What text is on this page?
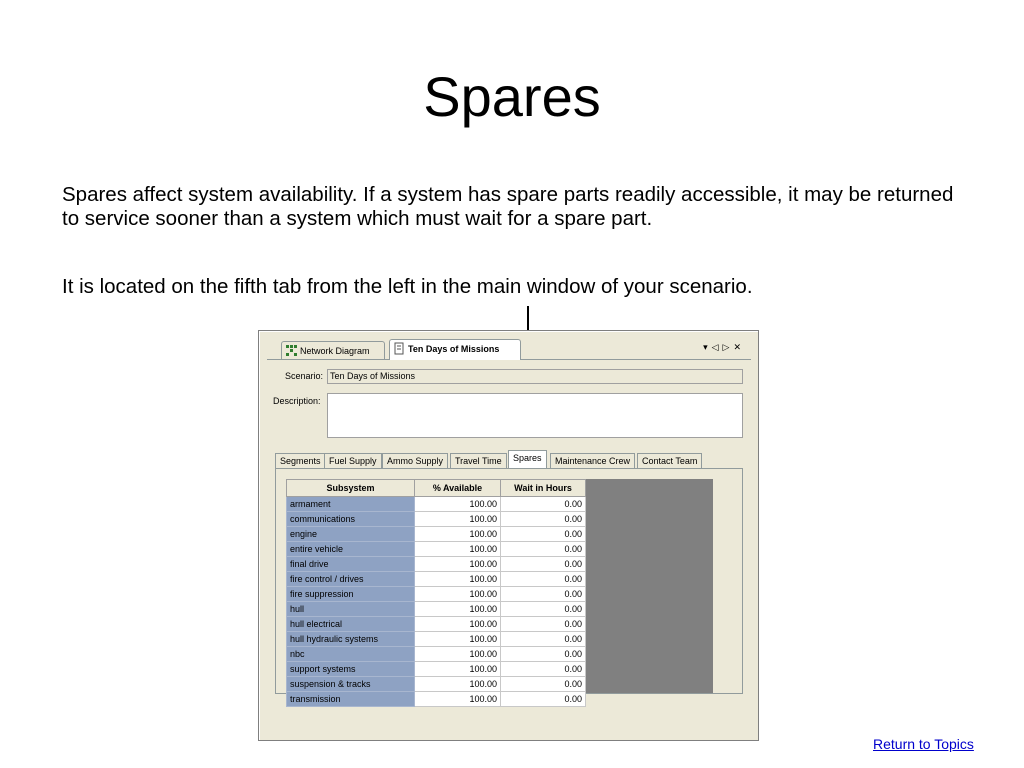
Spares

Spares affect system availability. If a system has spare parts readily accessible, it may be returned to service sooner than a system which must wait for a spare part.

It is located on the fifth tab from the left in the main window of your scenario.

Network Diagram	Ten Days of Missions	▾◁▷✕
Scenario: Ten Days of Missions
Description:
Segments Fuel Supply	Ammo Supply	Travel Time	Spares	Maintenance Crew	Contact Team
Subsystem	% Available	Wait in Hours
armament	100.00	0.00
communications	100.00	0.00
engine	100.00	0.00
entire vehicle	100.00	0.00
final drive	100.00	0.00
fire control / drives	100.00	0.00
fire suppression	100.00	0.00
hull	100.00	0.00
hull electrical	100.00	0.00
hull hydraulic systems	100.00	0.00
nbc	100.00	0.00
support systems	100.00	0.00
suspension & tracks	100.00	0.00
transmission	100.00	0.00
Return to Topics
